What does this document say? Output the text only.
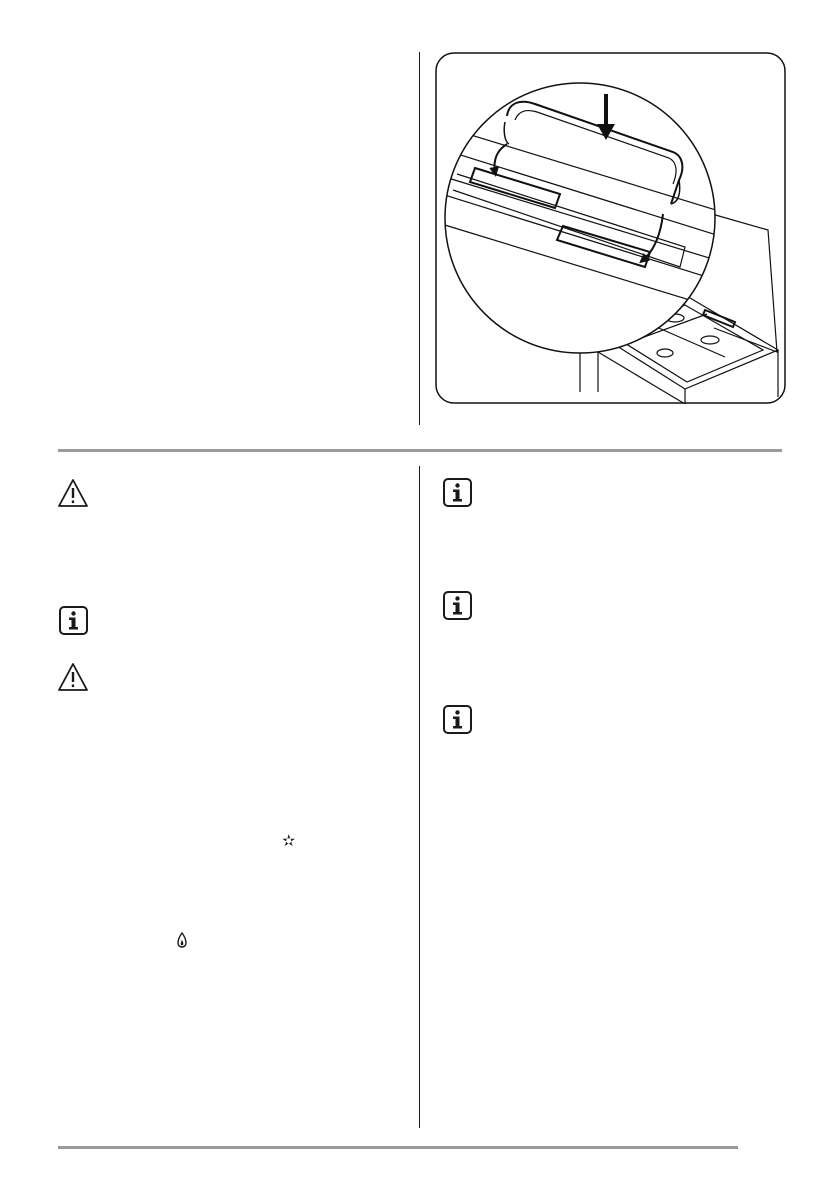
✫
